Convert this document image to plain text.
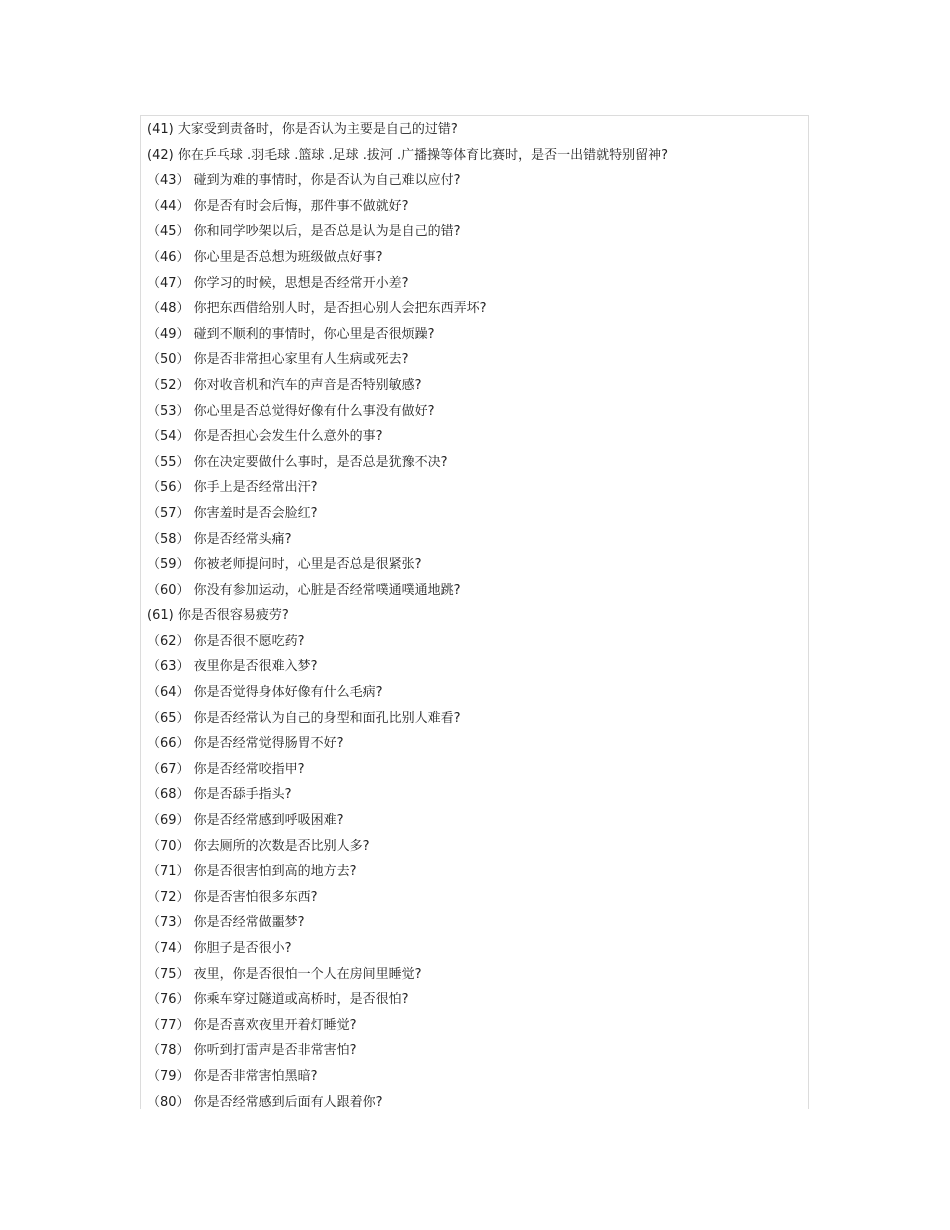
(41) 大家受到责备时，你是否认为主要是自己的过错?
(42) 你在乒乓球 .羽毛球 .篮球 .足球 .拔河 .广播操等体育比赛时，是否一出错就特别留神?
（43） 碰到为难的事情时，你是否认为自己难以应付?
（44） 你是否有时会后悔，那件事不做就好?
（45） 你和同学吵架以后，是否总是认为是自己的错?
（46） 你心里是否总想为班级做点好事?
（47） 你学习的时候，思想是否经常开小差?
（48） 你把东西借给别人时，是否担心别人会把东西弄坏?
（49） 碰到不顺利的事情时，你心里是否很烦躁?
（50） 你是否非常担心家里有人生病或死去?
（52） 你对收音机和汽车的声音是否特别敏感?
（53） 你心里是否总觉得好像有什么事没有做好?
（54） 你是否担心会发生什么意外的事?
（55） 你在决定要做什么事时，是否总是犹豫不决?
（56） 你手上是否经常出汗?
（57） 你害羞时是否会脸红?
（58） 你是否经常头痛?
（59） 你被老师提问时，心里是否总是很紧张?
（60） 你没有参加运动，心脏是否经常噗通噗通地跳?
(61) 你是否很容易疲劳?
（62） 你是否很不愿吃药?
（63） 夜里你是否很难入梦?
（64） 你是否觉得身体好像有什么毛病?
（65） 你是否经常认为自己的身型和面孔比别人难看?
（66） 你是否经常觉得肠胃不好?
（67） 你是否经常咬指甲?
（68） 你是否舔手指头?
（69） 你是否经常感到呼吸困难?
（70） 你去厕所的次数是否比别人多?
（71） 你是否很害怕到高的地方去?
（72） 你是否害怕很多东西?
（73） 你是否经常做噩梦?
（74） 你胆子是否很小?
（75） 夜里，你是否很怕一个人在房间里睡觉?
（76） 你乘车穿过隧道或高桥时，是否很怕?
（77） 你是否喜欢夜里开着灯睡觉?
（78） 你听到打雷声是否非常害怕?
（79） 你是否非常害怕黑暗?
（80） 你是否经常感到后面有人跟着你?
